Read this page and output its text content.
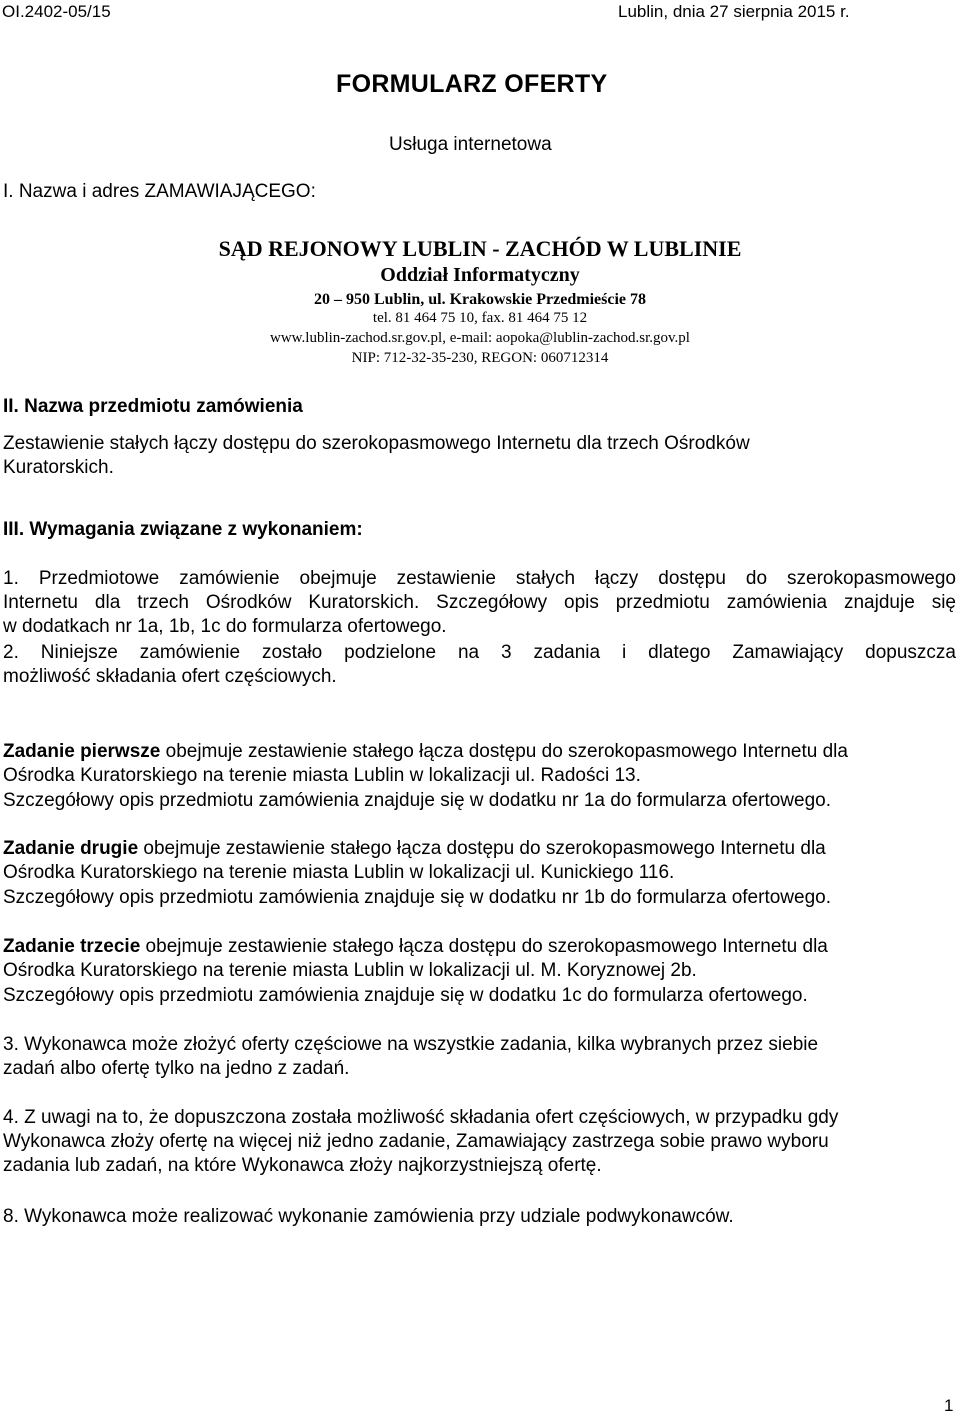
OI.2402-05/15	Lublin, dnia 27 sierpnia 2015 r.
FORMULARZ OFERTY
Usługa internetowa
I. Nazwa i adres ZAMAWIAJĄCEGO:
SĄD REJONOWY LUBLIN - ZACHÓD W LUBLINIE
Oddział Informatyczny
20 – 950 Lublin, ul. Krakowskie Przedmieście 78
tel. 81 464 75 10, fax. 81 464 75 12
www.lublin-zachod.sr.gov.pl, e-mail: aopoka@lublin-zachod.sr.gov.pl
NIP: 712-32-35-230, REGON: 060712314
II. Nazwa przedmiotu zamówienia
Zestawienie stałych łączy dostępu do szerokopasmowego Internetu dla trzech Ośrodków
Kuratorskich.
III. Wymagania związane z wykonaniem:
1. Przedmiotowe zamówienie obejmuje zestawienie stałych łączy dostępu do szerokopasmowego
Internetu dla trzech Ośrodków Kuratorskich. Szczegółowy opis przedmiotu zamówienia znajduje się
w dodatkach nr 1a, 1b, 1c do formularza ofertowego.
2. Niniejsze zamówienie zostało podzielone na 3 zadania i dlatego Zamawiający dopuszcza
możliwość składania ofert częściowych.
Zadanie pierwsze obejmuje zestawienie stałego łącza dostępu do szerokopasmowego Internetu dla
Ośrodka Kuratorskiego na terenie miasta Lublin w lokalizacji ul. Radości 13.
Szczegółowy opis przedmiotu zamówienia znajduje się w dodatku nr 1a do formularza ofertowego.
Zadanie drugie obejmuje zestawienie stałego łącza dostępu do szerokopasmowego Internetu dla
Ośrodka Kuratorskiego na terenie miasta Lublin w lokalizacji ul. Kunickiego 116.
Szczegółowy opis przedmiotu zamówienia znajduje się w dodatku nr 1b do formularza ofertowego.
Zadanie trzecie obejmuje zestawienie stałego łącza dostępu do szerokopasmowego Internetu dla
Ośrodka Kuratorskiego na terenie miasta Lublin w lokalizacji ul. M. Koryznowej 2b.
Szczegółowy opis przedmiotu zamówienia znajduje się w dodatku 1c do formularza ofertowego.
3. Wykonawca może złożyć oferty częściowe na wszystkie zadania, kilka wybranych przez siebie
zadań albo ofertę tylko na jedno z zadań.
4. Z uwagi na to, że dopuszczona została możliwość składania ofert częściowych, w przypadku gdy
Wykonawca złoży ofertę na więcej niż jedno zadanie, Zamawiający zastrzega sobie prawo wyboru
zadania lub zadań, na które Wykonawca złoży najkorzystniejszą ofertę.
8. Wykonawca może realizować wykonanie zamówienia przy udziale podwykonawców.
1
